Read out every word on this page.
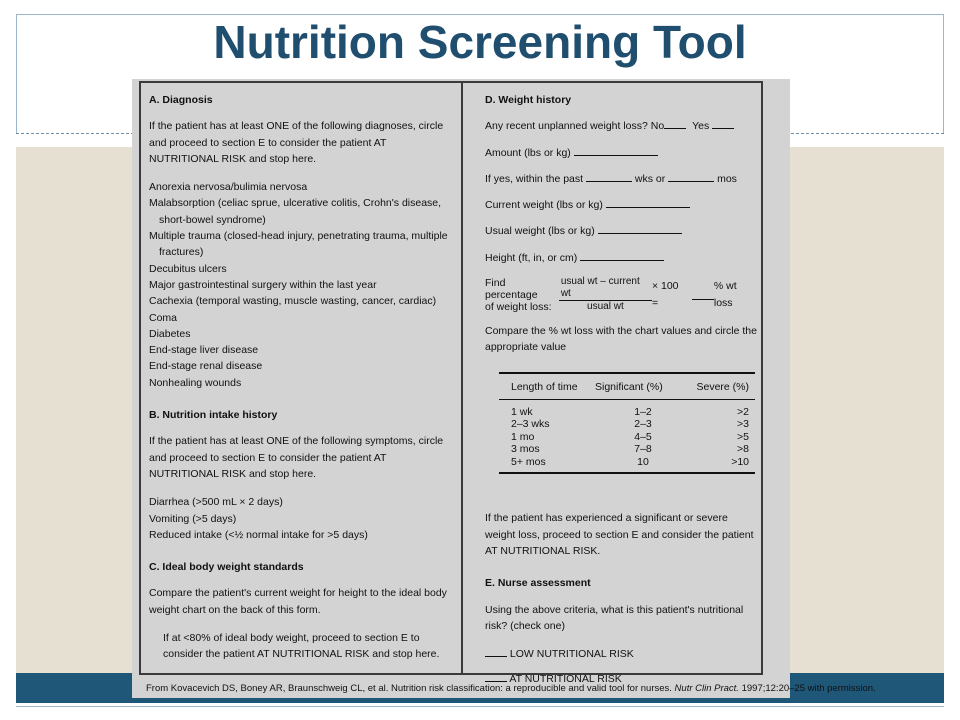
Nutrition Screening Tool
A. Diagnosis

If the patient has at least ONE of the following diagnoses, circle and proceed to section E to consider the patient AT NUTRITIONAL RISK and stop here.

Anorexia nervosa/bulimia nervosa
Malabsorption (celiac sprue, ulcerative colitis, Crohn's disease, short-bowel syndrome)
Multiple trauma (closed-head injury, penetrating trauma, multiple fractures)
Decubitus ulcers
Major gastrointestinal surgery within the last year
Cachexia (temporal wasting, muscle wasting, cancer, cardiac)
Coma
Diabetes
End-stage liver disease
End-stage renal disease
Nonhealing wounds
B. Nutrition intake history

If the patient has at least ONE of the following symptoms, circle and proceed to section E to consider the patient AT NUTRITIONAL RISK and stop here.

Diarrhea (>500 mL × 2 days)
Vomiting (>5 days)
Reduced intake (<½ normal intake for >5 days)
C. Ideal body weight standards

Compare the patient's current weight for height to the ideal body weight chart on the back of this form.

If at <80% of ideal body weight, proceed to section E to consider the patient AT NUTRITIONAL RISK and stop here.

D. Weight history
Any recent unplanned weight loss? No	Yes
Amount (lbs or kg)
If yes, within the past	wks or	mos
Current weight (lbs or kg)
Usual weight (lbs or kg)
Height (ft, in, or cm)
Find percentage
of weight loss: $\frac{\text{usual wt – current wt}}{\text{usual wt}} \times 100$ =

% wt loss

Compare the % wt loss with the chart values and circle the appropriate value

Length of time	Significant (%)	Severe (%)
1 wk	1–2	>2
2–3 wks	2–3	>3
1 mo	4–5	>5
3 mos	7–8	>8
5+ mos	10	>10

If the patient has experienced a significant or severe weight loss, proceed to section E and consider the patient AT NUTRITIONAL RISK.

E. Nurse assessment

Using the above criteria, what is this patient's nutritional risk? (check one)

LOW NUTRITIONAL RISK
AT NUTRITIONAL RISK
From Kovacevich DS, Boney AR, Braunschweig CL, et al. Nutrition risk classification: a reproducible and valid tool for nurses. Nutr Clin Pract. 1997;12:20–25 with permission.
